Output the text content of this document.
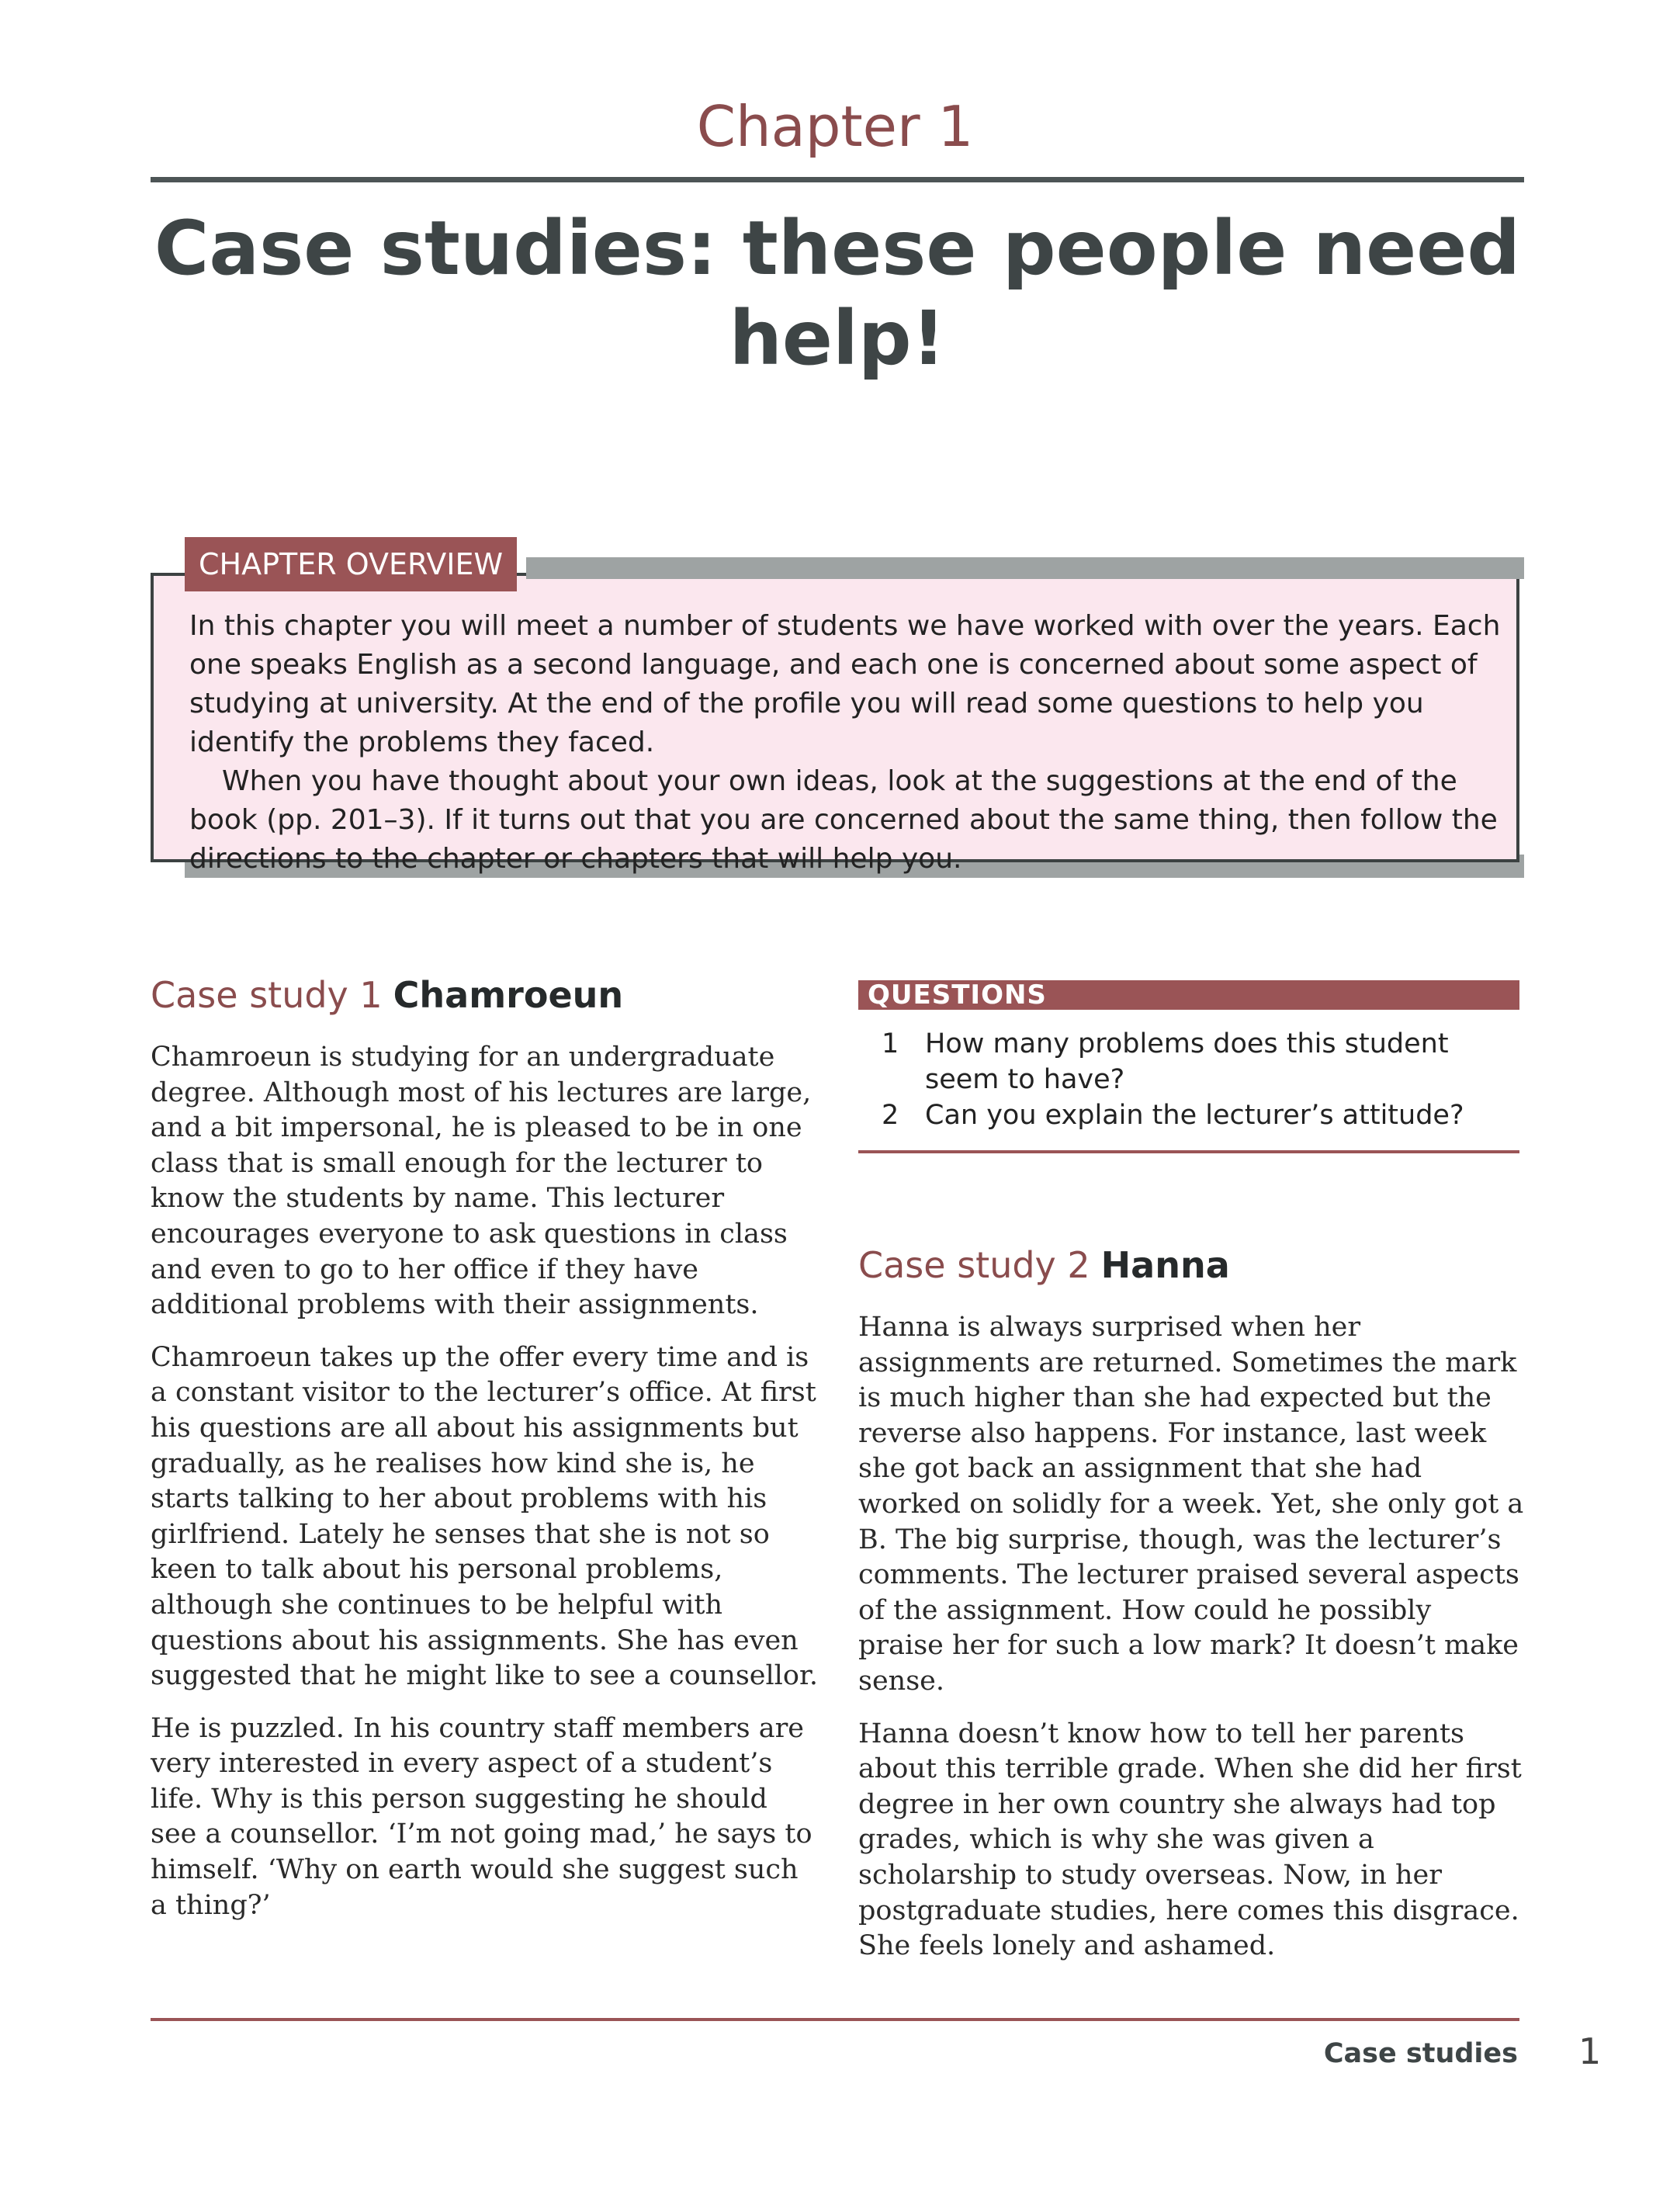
Chapter 1
Case studies: these people need help!
CHAPTER OVERVIEW

In this chapter you will meet a number of students we have worked with over the years. Each one speaks English as a second language, and each one is concerned about some aspect of studying at university. At the end of the profile you will read some questions to help you identify the problems they faced.

When you have thought about your own ideas, look at the suggestions at the end of the book (pp. 201–3). If it turns out that you are concerned about the same thing, then follow the directions to the chapter or chapters that will help you.

Case study 1 Chamroeun

Chamroeun is studying for an undergraduate degree. Although most of his lectures are large, and a bit impersonal, he is pleased to be in one class that is small enough for the lecturer to know the students by name. This lecturer encourages everyone to ask questions in class and even to go to her office if they have additional problems with their assignments.

Chamroeun takes up the offer every time and is a constant visitor to the lecturer’s office. At first his questions are all about his assignments but gradually, as he realises how kind she is, he starts talking to her about problems with his girlfriend. Lately he senses that she is not so keen to talk about his personal problems, although she continues to be helpful with questions about his assignments. She has even suggested that he might like to see a counsellor.

He is puzzled. In his country staff members are very interested in every aspect of a student’s life. Why is this person suggesting he should see a counsellor. ‘I’m not going mad,’ he says to himself. ‘Why on earth would she suggest such a thing?’

QUESTIONS
1 How many problems does this student seem to have?
2 Can you explain the lecturer’s attitude?
Case study 2 Hanna

Hanna is always surprised when her assignments are returned. Sometimes the mark is much higher than she had expected but the reverse also happens. For instance, last week she got back an assignment that she had worked on solidly for a week. Yet, she only got a B. The big surprise, though, was the lecturer’s comments. The lecturer praised several aspects of the assignment. How could he possibly praise her for such a low mark? It doesn’t make sense.

Hanna doesn’t know how to tell her parents about this terrible grade. When she did her first degree in her own country she always had top grades, which is why she was given a scholarship to study overseas. Now, in her postgraduate studies, here comes this disgrace. She feels lonely and ashamed.

Case studies 1
